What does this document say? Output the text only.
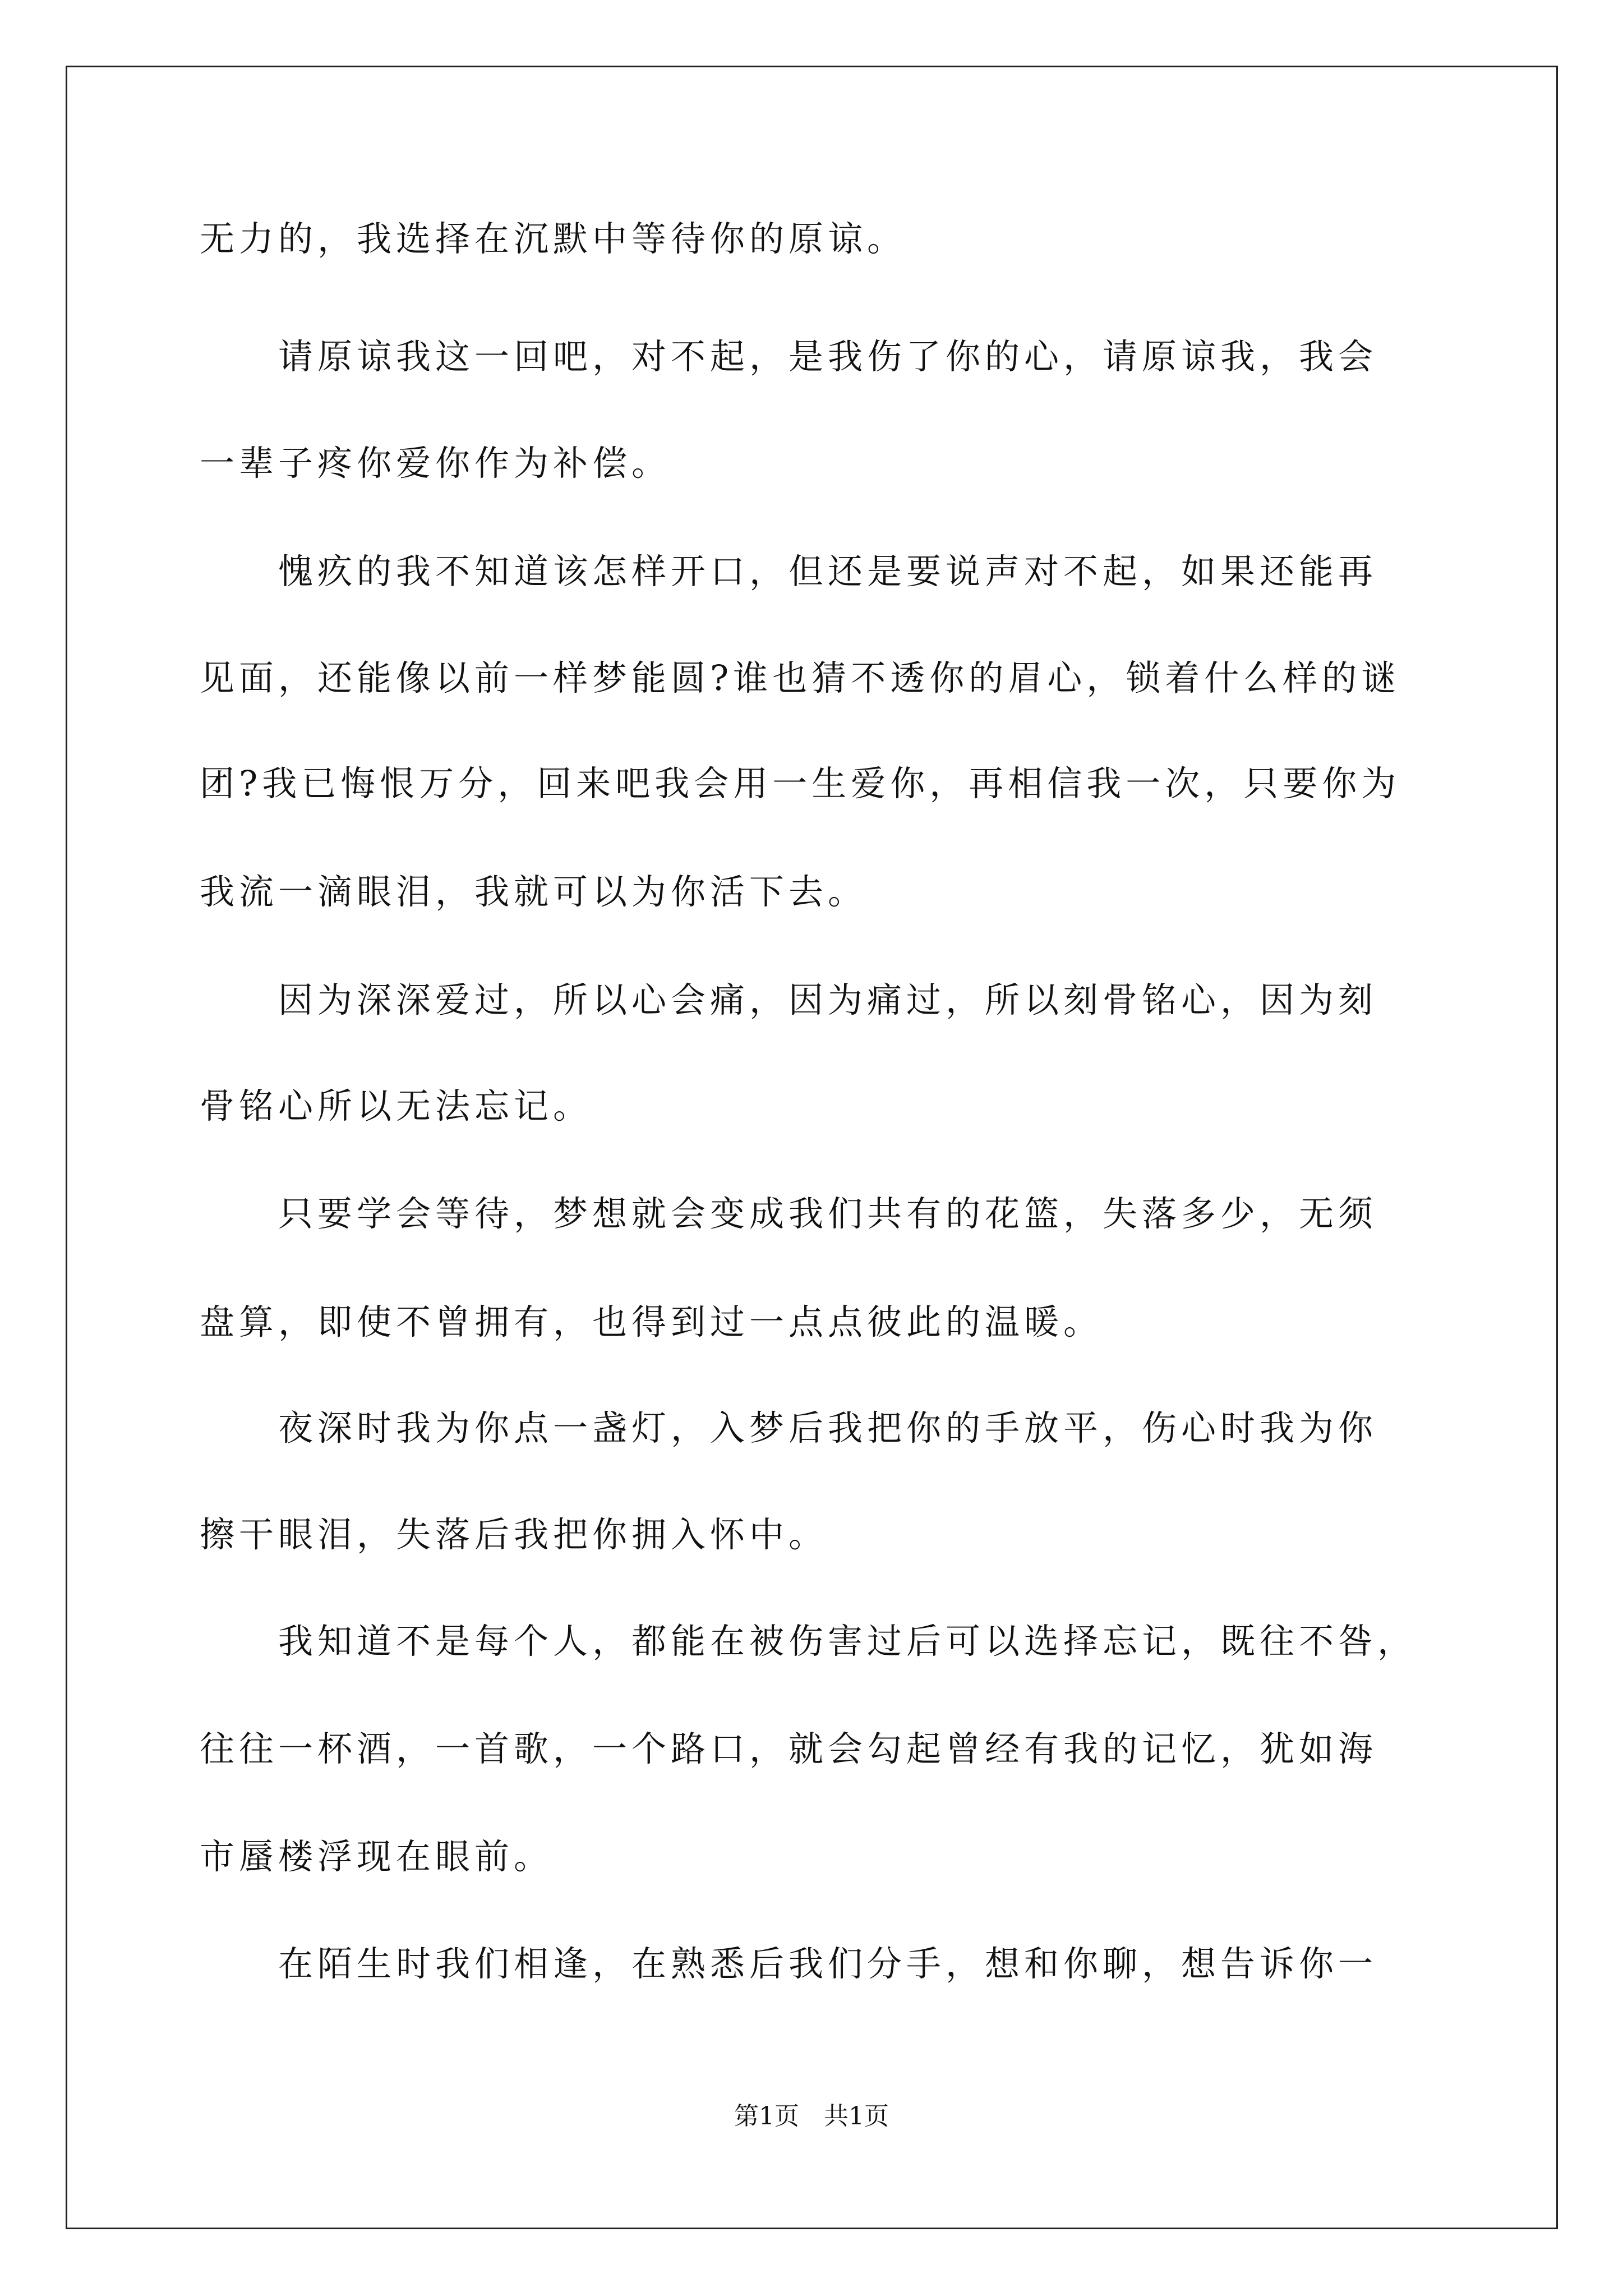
无力的，我选择在沉默中等待你的原谅。
　　请原谅我这一回吧，对不起，是我伤了你的心，请原谅我，我会
一辈子疼你爱你作为补偿。
　　愧疚的我不知道该怎样开口，但还是要说声对不起，如果还能再
见面，还能像以前一样梦能圆?谁也猜不透你的眉心，锁着什么样的谜
团?我已悔恨万分，回来吧我会用一生爱你，再相信我一次，只要你为
我流一滴眼泪，我就可以为你活下去。
　　因为深深爱过，所以心会痛，因为痛过，所以刻骨铭心，因为刻
骨铭心所以无法忘记。
　　只要学会等待，梦想就会变成我们共有的花篮，失落多少，无须
盘算，即使不曾拥有，也得到过一点点彼此的温暖。
　　夜深时我为你点一盏灯，入梦后我把你的手放平，伤心时我为你
擦干眼泪，失落后我把你拥入怀中。
　　我知道不是每个人，都能在被伤害过后可以选择忘记，既往不咎，
往往一杯酒，一首歌，一个路口，就会勾起曾经有我的记忆，犹如海
市蜃楼浮现在眼前。
　　在陌生时我们相逢，在熟悉后我们分手，想和你聊，想告诉你一
第1页　共1页
